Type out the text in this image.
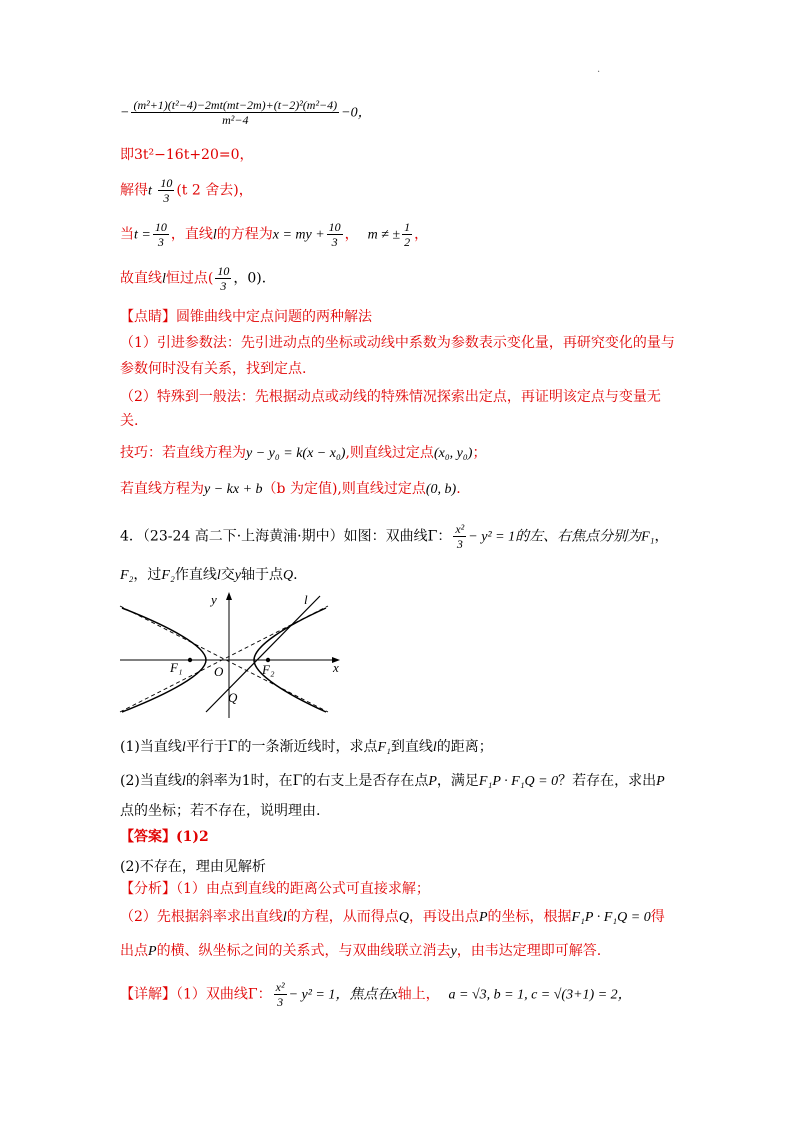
.
− $\frac{\text{(m²+1)(t²−4)−2mt(mt−2m)+(t−2)²(m²−4)}}{\text{m²−4}} -0$，
即3t²−16t+20=0，
解得t $\frac{10}{3} (t$ 2 舍去)，
当$t = \frac{10}{3}$ ，直线l的方程为x = my + $\frac{10}{3}$ ， m ≠ ± $\frac{1}{2}$ ，
故直线l恒过点( $\frac{10}{3}$ ，0)．
【点睛】圆锥曲线中定点问题的两种解法
（1）引进参数法：先引进动点的坐标或动线中系数为参数表示变化量，再研究变化的量与
参数何时没有关系，找到定点.
（2）特殊到一般法：先根据动点或动线的特殊情况探索出定点，再证明该定点与变量无
关.
技巧：若直线方程为y − y₀ = k(x − x₀),则直线过定点(x₀, y₀)；
若直线方程为y − kx + b（b 为定值),则直线过定点(0, b).
4．（23-24 高二下·上海黄浦·期中）如图：双曲线Γ： $\frac{\text{x²}}{3} - y^2 = 1$的左、右焦点分别为F₁，
F₂，过F₂作直线l交y轴于点Q.
y
x
l
F₁	F₂
O
Q
(1)当直线l平行于Γ的一条渐近线时，求点F₁到直线l的距离；
(2)当直线l的斜率为1时，在Γ的右支上是否存在点P，满足F₁P · F₁Q = 0？若存在，求出P
点的坐标；若不存在，说明理由.
【答案】(1)2
(2)不存在，理由见解析
【分析】（1）由点到直线的距离公式可直接求解；
（2）先根据斜率求出直线l的方程，从而得点Q，再设出点P的坐标，根据F₁P · F₁Q = 0得
出点P的横、纵坐标之间的关系式，与双曲线联立消去y，由韦达定理即可解答.
【详解】（1）双曲线Γ： $\frac{\text{x²}}{3} - y^2 = 1$，焦点在x轴上， a = √3, b = 1, c = √(3+1) = 2，
